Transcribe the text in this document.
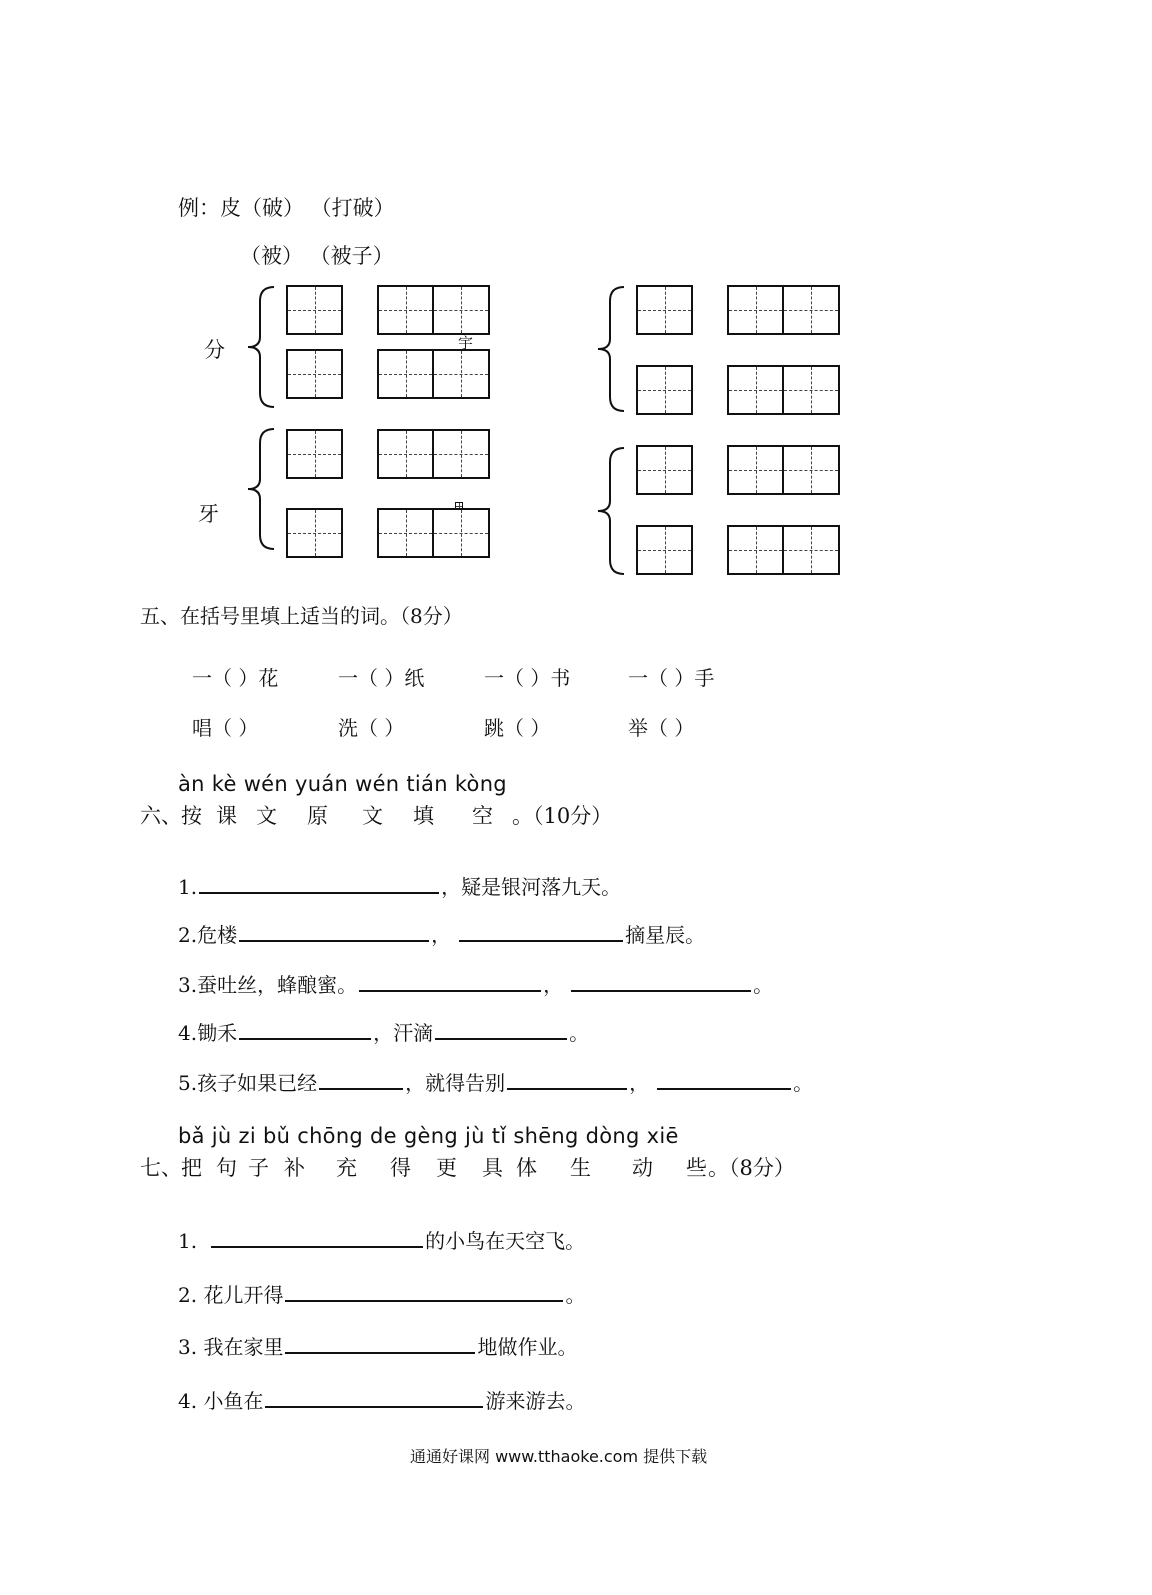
例：皮（破） （打破）
（被） （被子）
分
牙
宇
五、在括号里填上适当的词。（8分）
一（ ）花	一（ ）纸	一（ ）书	一（ ）手
唱（ ）	洗（ ）	跳（ ）	举（ ）
àn kè wén yuán wén tián kòng
六、 按 课 文 原 文 填 空 。（10分）
1.	，疑是银河落九天。
2.危楼	，	摘星辰。
3.蚕吐丝，蜂酿蜜。	，	。
4.锄禾	，汗滴	。
5.孩子如果已经	，就得告别	，	。
bǎ jù zi bǔ chōng de gèng jù tǐ shēng dòng xiē
七、 把 句 子 补 充 得 更 具 体 生 动 些 。（8分）
1.	的小鸟在天空飞。
2. 花儿开得	。
3. 我在家里	地做作业。
4. 小鱼在	游来游去。
通通好课网 www.tthaoke.com 提供下载
